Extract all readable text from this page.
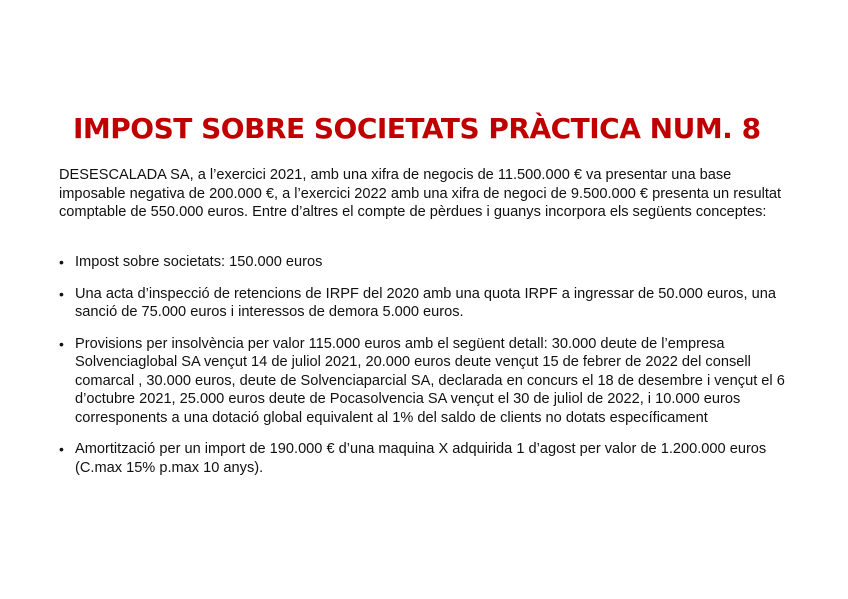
IMPOST SOBRE SOCIETATS PRÀCTICA NUM. 8

DESESCALADA SA, a l’exercici 2021, amb una xifra de negocis de 11.500.000 € va presentar una base imposable negativa de 200.000 €, a l’exercici 2022 amb una xifra de negoci de 9.500.000 € presenta un resultat comptable de 550.000 euros. Entre d’altres el compte de pèrdues i guanys incorpora els següents conceptes:

• Impost sobre societats: 150.000 euros
• Una acta d’inspecció de retencions de IRPF del 2020 amb una quota IRPF a ingressar de 50.000 euros, una sanció de 75.000 euros i interessos de demora 5.000 euros.
• Provisions per insolvència per valor 115.000 euros amb el següent detall: 30.000 deute de l’empresa Solvenciaglobal SA vençut 14 de juliol 2021, 20.000 euros deute vençut 15 de febrer de 2022 del consell comarcal , 30.000 euros, deute de Solvenciaparcial SA, declarada en concurs el 18 de desembre i vençut el 6 d’octubre 2021, 25.000 euros deute de Pocasolvencia SA vençut el 30 de juliol de 2022, i 10.000 euros corresponents a una dotació global equivalent al 1% del saldo de clients no dotats específicament
• Amortització per un import de 190.000 € d’una maquina X adquirida 1 d’agost per valor de 1.200.000 euros (C.max 15% p.max 10 anys).
